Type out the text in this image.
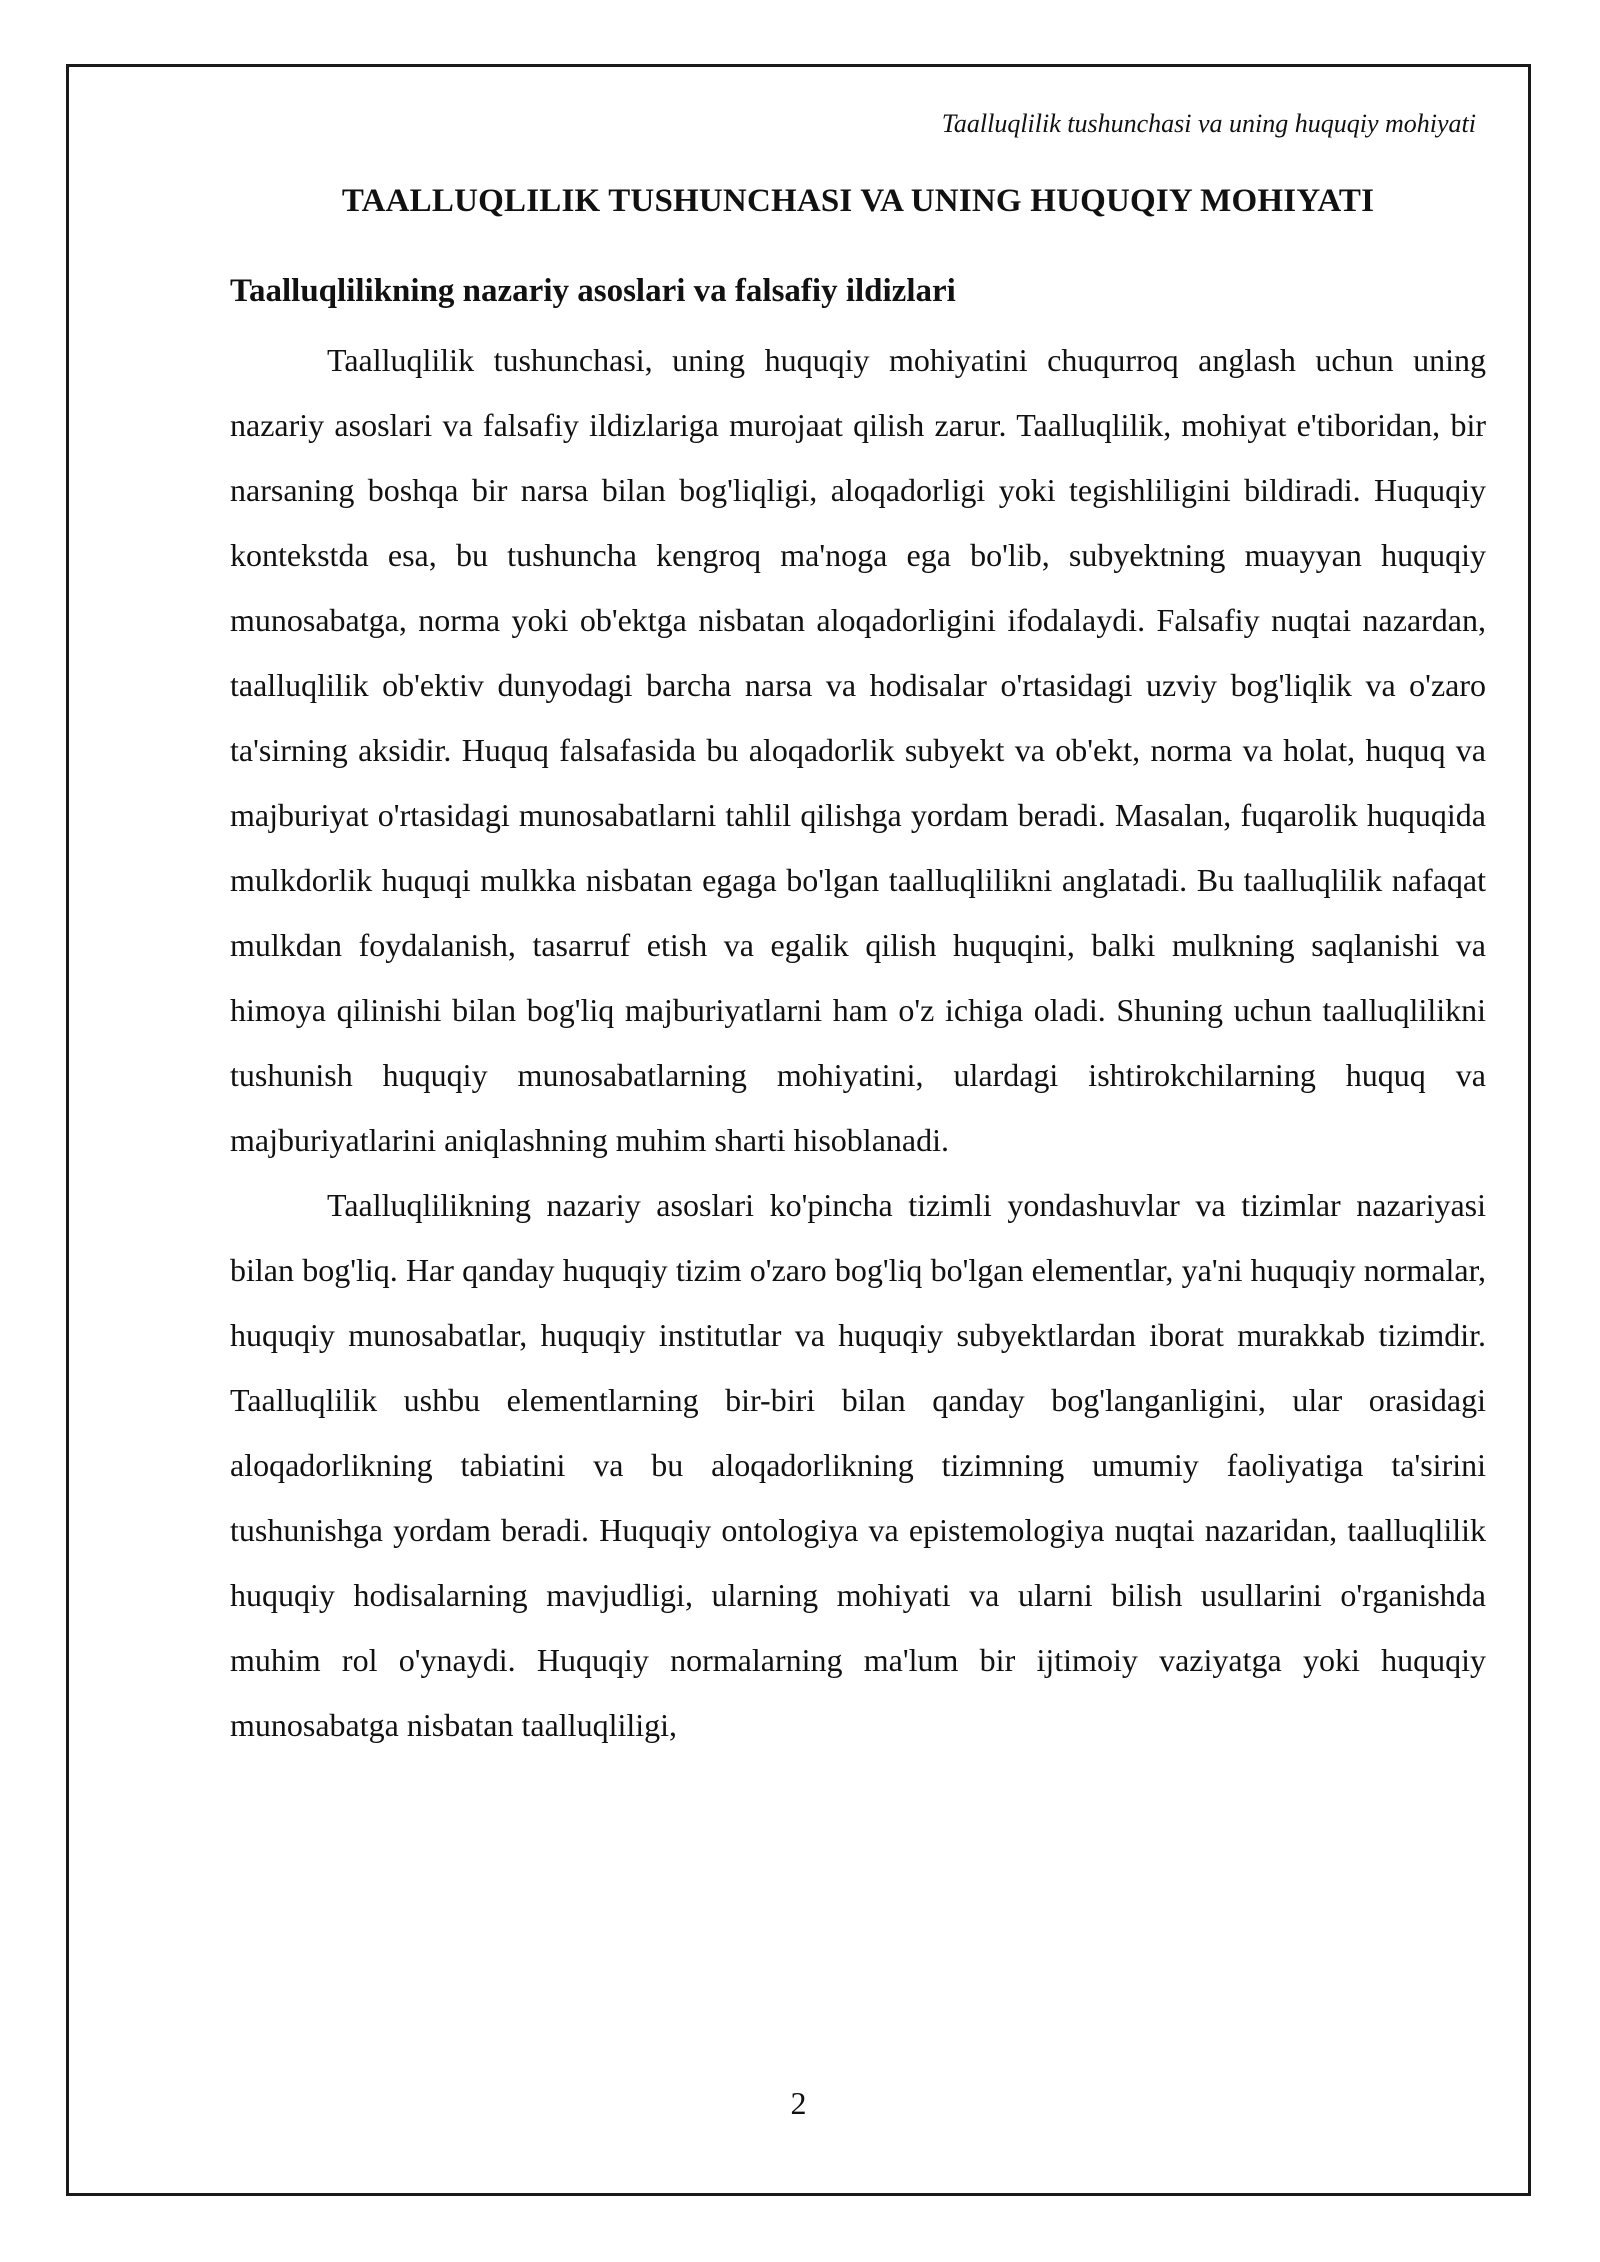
Taalluqlilik tushunchasi va uning huquqiy mohiyati
TAALLUQLILIK TUSHUNCHASI VA UNING HUQUQIY MOHIYATI
Taalluqlilikning nazariy asoslari va falsafiy ildizlari

Taalluqlilik tushunchasi, uning huquqiy mohiyatini chuqurroq anglash uchun uning nazariy asoslari va falsafiy ildizlariga murojaat qilish zarur. Taalluqlilik, mohiyat e'tiboridan, bir narsaning boshqa bir narsa bilan bog'liqligi, aloqadorligi yoki tegishliligini bildiradi. Huquqiy kontekstda esa, bu tushuncha kengroq ma'noga ega bo'lib, subyektning muayyan huquqiy munosabatga, norma yoki ob'ektga nisbatan aloqadorligini ifodalaydi. Falsafiy nuqtai nazardan, taalluqlilik ob'ektiv dunyodagi barcha narsa va hodisalar o'rtasidagi uzviy bog'liqlik va o'zaro ta'sirning aksidir. Huquq falsafasida bu aloqadorlik subyekt va ob'ekt, norma va holat, huquq va majburiyat o'rtasidagi munosabatlarni tahlil qilishga yordam beradi. Masalan, fuqarolik huquqida mulkdorlik huquqi mulkka nisbatan egaga bo'lgan taalluqlilikni anglatadi. Bu taalluqlilik nafaqat mulkdan foydalanish, tasarruf etish va egalik qilish huquqini, balki mulkning saqlanishi va himoya qilinishi bilan bog'liq majburiyatlarni ham o'z ichiga oladi. Shuning uchun taalluqlilikni tushunish huquqiy munosabatlarning mohiyatini, ulardagi ishtirokchilarning huquq va majburiyatlarini aniqlashning muhim sharti hisoblanadi.

Taalluqlilikning nazariy asoslari ko'pincha tizimli yondashuvlar va tizimlar nazariyasi bilan bog'liq. Har qanday huquqiy tizim o'zaro bog'liq bo'lgan elementlar, ya'ni huquqiy normalar, huquqiy munosabatlar, huquqiy institutlar va huquqiy subyektlardan iborat murakkab tizimdir. Taalluqlilik ushbu elementlarning bir-biri bilan qanday bog'langanligini, ular orasidagi aloqadorlikning tabiatini va bu aloqadorlikning tizimning umumiy faoliyatiga ta'sirini tushunishga yordam beradi. Huquqiy ontologiya va epistemologiya nuqtai nazaridan, taalluqlilik huquqiy hodisalarning mavjudligi, ularning mohiyati va ularni bilish usullarini o'rganishda muhim rol o'ynaydi. Huquqiy normalarning ma'lum bir ijtimoiy vaziyatga yoki huquqiy munosabatga nisbatan taalluqliligi,

2
